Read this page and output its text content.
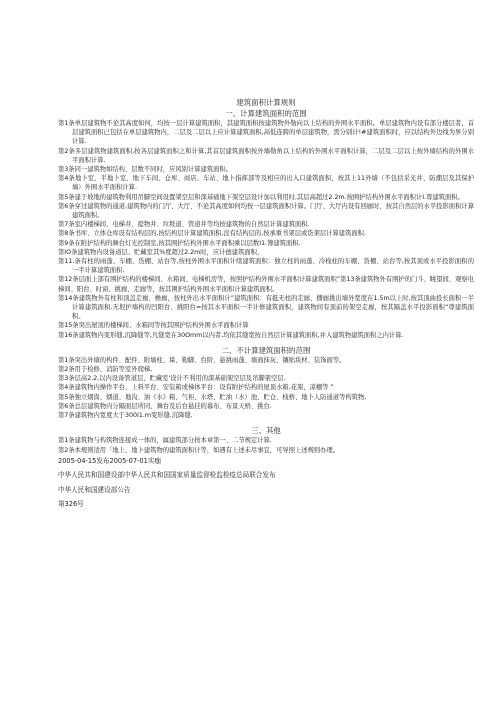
建筑面积计算规则

一、计算建筑面积的范围

第1条单层建筑物不论其高度如何，均按一层计算建筑面积，其建筑面积按建筑物外勒向以上结构的外围水平面积。单层建筑物内设有部分楼层者，首层建筑面积已包括在单层建筑物内，二层及二层以上应计算建筑面积,高低连跨的单层建筑物，需分别计!#建筑面积时，应以结构外边线为界分别计算.

第2条多层建筑物建筑面积,按各层建筑而积之和计算,其首层建筑面积按外墙勒角以上结构的外围水平面积计算，二层及二层以上按外墙结构的外围水平面积计算.

第3条同一建筑物如结构、层数不同时，应风别计算建筑面积。

第4条地卜室、半地卜室、地下车间、仓库、商店、车站、地卜指挥部等及相应的出入口建筑面积，按其上11外墙（不包括采光井、防潮层及其保护墙）外围水平面积计算.

第5条建于坡地的建筑物利用吊脚空间设置架空层和深基础地下架空层设计加以利用时,其层高超过2.2m.按围护结构外围水平面积计I.尊建筑面积。

第6条穿过建筑物的通道,建筑物内的门厅、大厅、不论其高度如何均按一层建筑面积计算。门厅、大厅内设有回廊时，按其自然层的水平投影面积计算建筑面积。

第7条室内楼梯间、电梯井、提物井、垃圾道、管道井等均按建筑物的自然层计算建筑面积.

第8条书库、立体仓库设有结构层的,按结构层计算建筑面积,没有结构层的,按承重书架层或货架层计算建筑面积.

第9条在附护结构的舞台灯光控制室,按其围护结构外围水平面积乘以层数I1.簿建筑面积.

第IO条建筑物内设备道层、贮藏室其%度超过2.2m时，应计德建筑面积，

第11.条有柱的雨蓬、车棚、货棚、站台等,按柱外围水平面积计续建筑面积：独立柱的雨蓬、冷栈柱的车棚、货棚、站台等,按其顶或水平投影面积的一半计算建筑面积.

第12条层面上部有围护结构的楼梯间、水箱间、电梯机房等，按照护结构外围水平面积计算建筑面积”第13条建筑物外有围护的门斗、眺望间、观察电梯间、阳台、时窗、挑廊、走廊等，按其围护结构外围水平面积计算建筑面积。

第14条建筑物外有柱和顶盖走廊、檐廊，按柱外出水平面积计”建筑面积：有挺无柱的走廊、播廊挑出墙外宽度在1.5m以上时,按其顶曲投长面积一半计算建筑面积.无垠护墙构的凹阳台、挑阳台=按其水平面积一半计修建筑面积，建筑物间有顶前的架空走廊，按其隔盖水平投影面积“尊建筑面积。

第15条突出屋顶的楼梯间、水箱间等按其围护结构外围水平面积计算

第16条建筑物内变形缝,沉降缝等,凡缝宽在30Omm以内者,均依其缝宽按自然层计算建筑面积,并入建筑物建筑面积之内计算.

二、不计算建筑面积的范围

第1条突出外墙的构件、配件、附墙柱、垛、勒脚、台阶、悬挑雨蓬、墙面抹灰、镶贴块材、装饰面等。

第2条用于检修、消防等室外爬梯,

第3条层高2.2,以内设备管道层、贮藏室'设计不利用的深基础架空层及吊脚架空层.

第4条建筑物内操作平台、上料平台、安装箱或梯体平台：设有附护结构的屋顶水箱,花架、凉棚等 ”

第5条独立烟囱、烟道、地沟、油《水》箱、气柜、水塔、贮油（水）池、贮仓、栈桥、地卜人防通道等构筑物,

第6条总层建筑物内分隔面层所同，舞台及后台悬挂的幕布、布景天桥、挑台.

第7条建筑物内宽度大于300I1.m变形缝.沉降缝.

三、其他

第1条建筑物与构筑物连接成一体的，属建筑部分按本章第一、二节规定计算.

第2条本规则适用「地上、地卜建筑物的建筑面积计等，如遇有上述未尽事宜，可导照上述规则办理。

2005-04-15发布2005-07-01实痂

中华人民共和国建设部中华人民共和国国家质量监督检监检疫总局联合发布

中华人民和国建设部公告

第326号
